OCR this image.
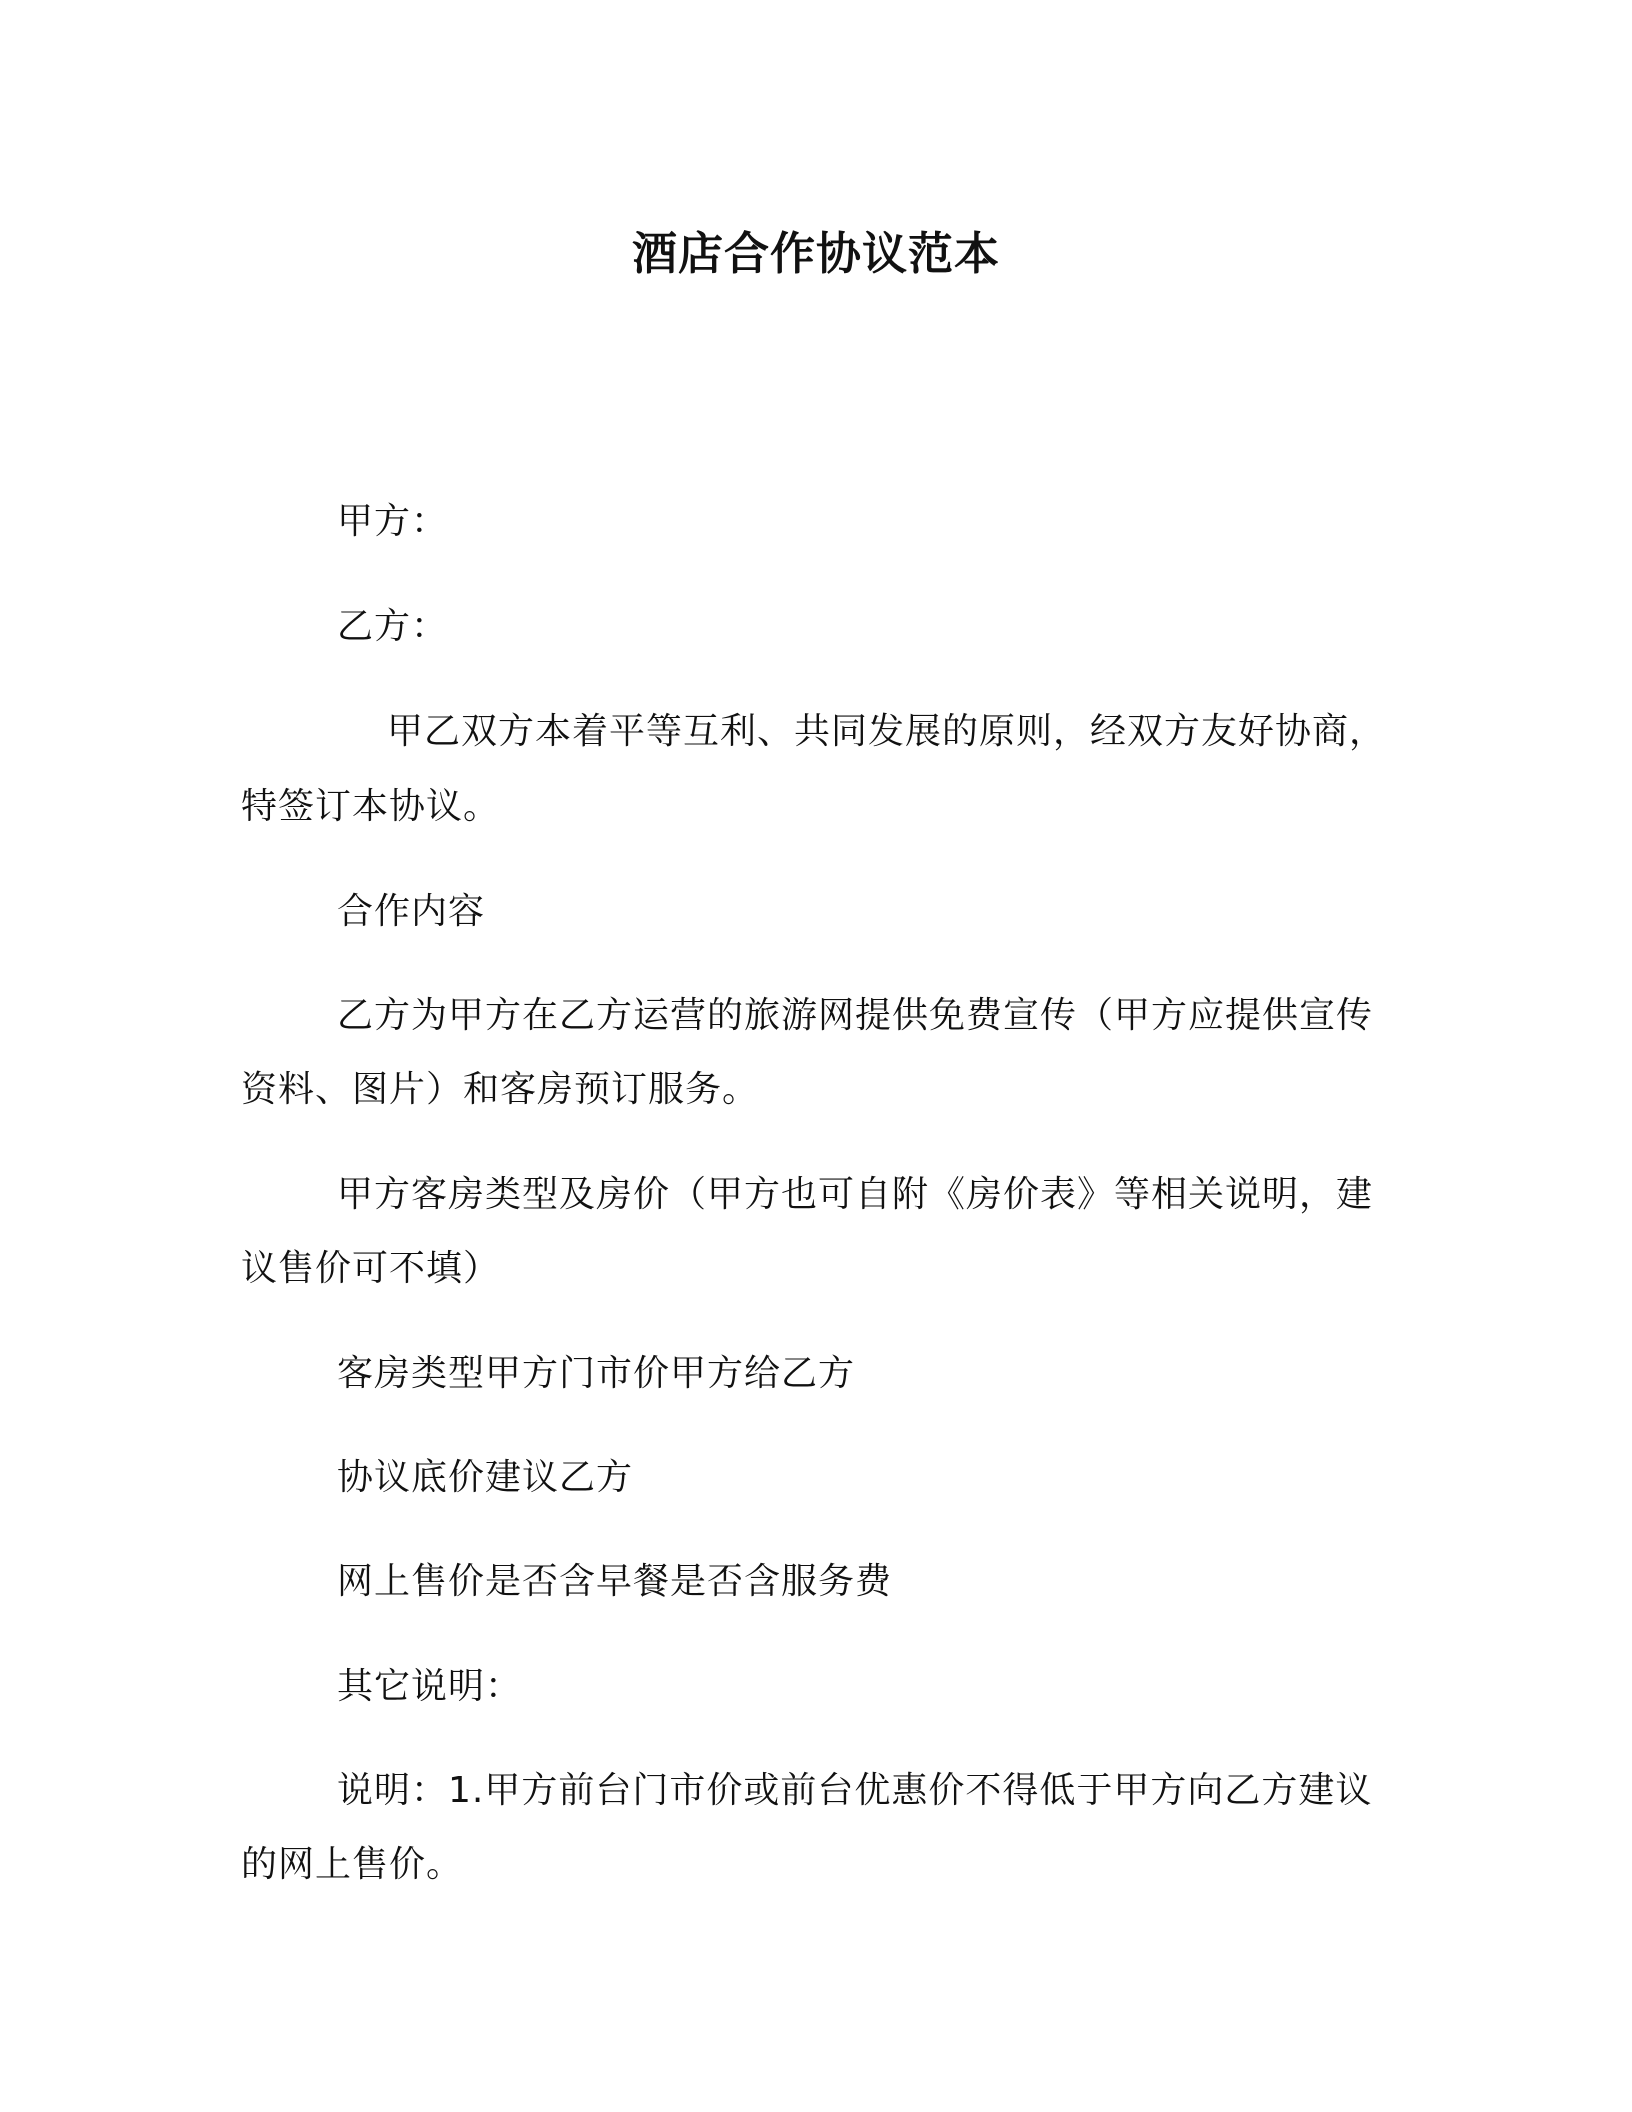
酒店合作协议范本
甲方：
乙方：
甲乙双方本着平等互利、共同发展的原则，经双方友好协商，
特签订本协议。
合作内容
乙方为甲方在乙方运营的旅游网提供免费宣传（甲方应提供宣传
资料、图片）和客房预订服务。
甲方客房类型及房价（甲方也可自附《房价表》等相关说明，建
议售价可不填）
客房类型甲方门市价甲方给乙方
协议底价建议乙方
网上售价是否含早餐是否含服务费
其它说明：
说明：1.甲方前台门市价或前台优惠价不得低于甲方向乙方建议
的网上售价。
